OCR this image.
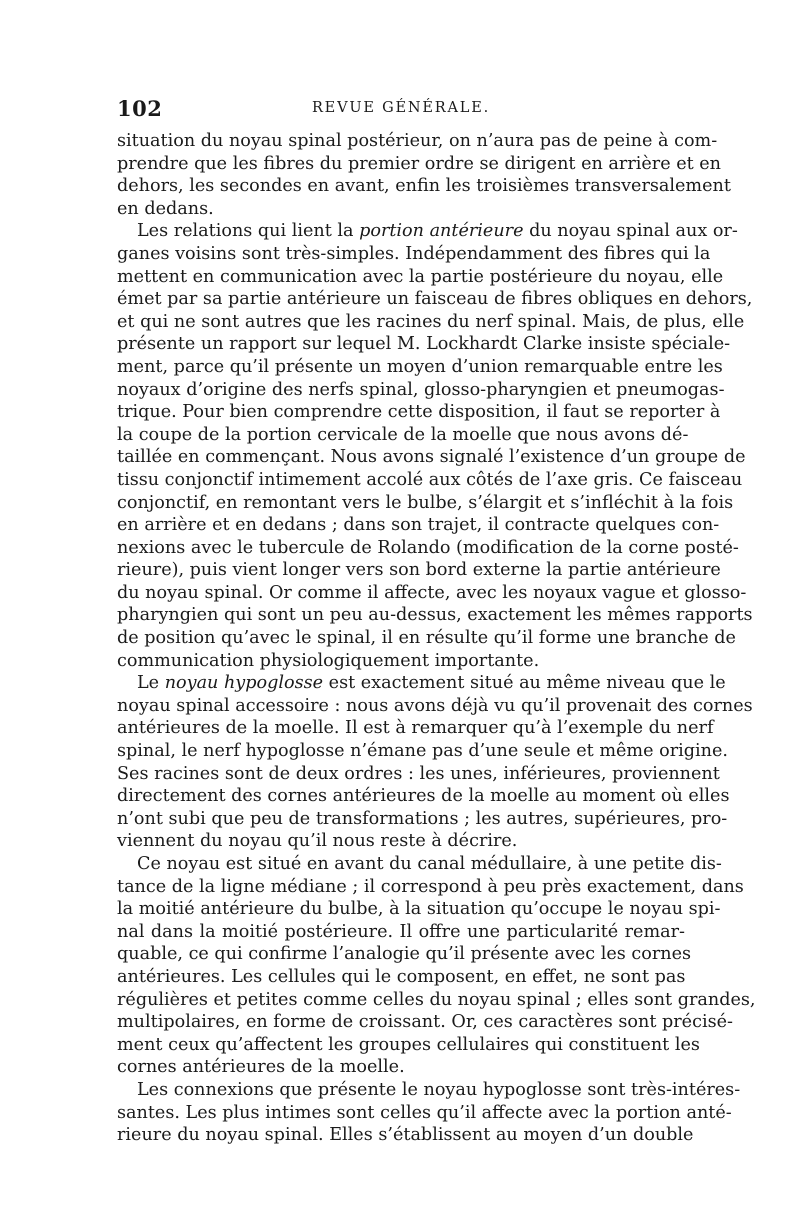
102	REVUE GÉNÉRALE.
situation du noyau spinal postérieur, on n’aura pas de peine à com-
prendre que les fibres du premier ordre se dirigent en arrière et en
dehors, les secondes en avant, enfin les troisièmes transversalement
en dedans.
Les relations qui lient la portion antérieure du noyau spinal aux or-
ganes voisins sont très-simples. Indépendamment des fibres qui la
mettent en communication avec la partie postérieure du noyau, elle
émet par sa partie antérieure un faisceau de fibres obliques en dehors,
et qui ne sont autres que les racines du nerf spinal. Mais, de plus, elle
présente un rapport sur lequel M. Lockhardt Clarke insiste spéciale-
ment, parce qu’il présente un moyen d’union remarquable entre les
noyaux d’origine des nerfs spinal, glosso-pharyngien et pneumogas-
trique. Pour bien comprendre cette disposition, il faut se reporter à
la coupe de la portion cervicale de la moelle que nous avons dé-
taillée en commençant. Nous avons signalé l’existence d’un groupe de
tissu conjonctif intimement accolé aux côtés de l’axe gris. Ce faisceau
conjonctif, en remontant vers le bulbe, s’élargit et s’infléchit à la fois
en arrière et en dedans ; dans son trajet, il contracte quelques con-
nexions avec le tubercule de Rolando (modification de la corne posté-
rieure), puis vient longer vers son bord externe la partie antérieure
du noyau spinal. Or comme il affecte, avec les noyaux vague et glosso-
pharyngien qui sont un peu au-dessus, exactement les mêmes rapports
de position qu’avec le spinal, il en résulte qu’il forme une branche de
communication physiologiquement importante.
Le noyau hypoglosse est exactement situé au même niveau que le
noyau spinal accessoire : nous avons déjà vu qu’il provenait des cornes
antérieures de la moelle. Il est à remarquer qu’à l’exemple du nerf
spinal, le nerf hypoglosse n’émane pas d’une seule et même origine.
Ses racines sont de deux ordres : les unes, inférieures, proviennent
directement des cornes antérieures de la moelle au moment où elles
n’ont subi que peu de transformations ; les autres, supérieures, pro-
viennent du noyau qu’il nous reste à décrire.
Ce noyau est situé en avant du canal médullaire, à une petite dis-
tance de la ligne médiane ; il correspond à peu près exactement, dans
la moitié antérieure du bulbe, à la situation qu’occupe le noyau spi-
nal dans la moitié postérieure. Il offre une particularité remar-
quable, ce qui confirme l’analogie qu’il présente avec les cornes
antérieures. Les cellules qui le composent, en effet, ne sont pas
régulières et petites comme celles du noyau spinal ; elles sont grandes,
multipolaires, en forme de croissant. Or, ces caractères sont précisé-
ment ceux qu’affectent les groupes cellulaires qui constituent les
cornes antérieures de la moelle.
Les connexions que présente le noyau hypoglosse sont très-intéres-
santes. Les plus intimes sont celles qu’il affecte avec la portion anté-
rieure du noyau spinal. Elles s’établissent au moyen d’un double
